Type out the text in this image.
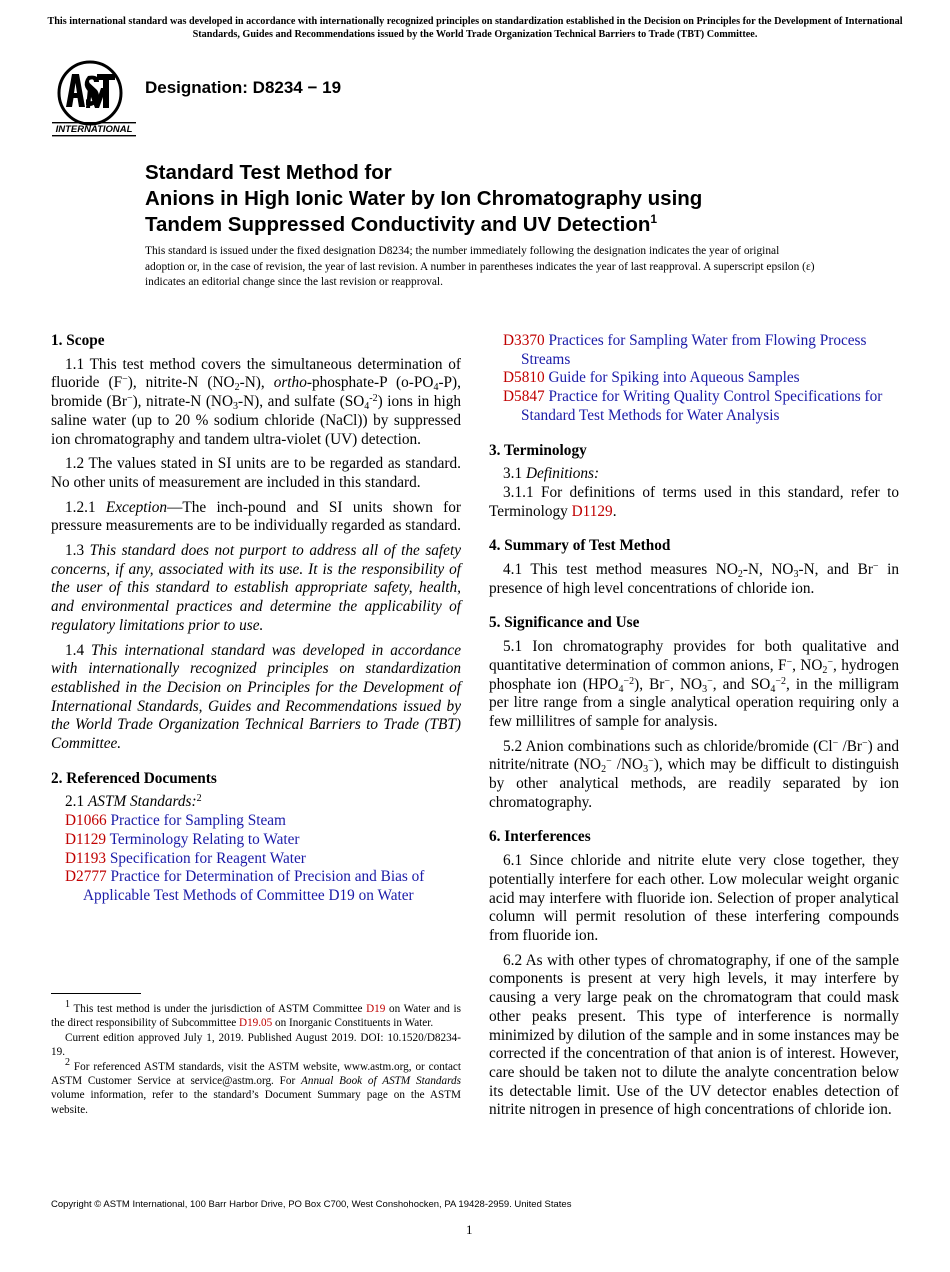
This international standard was developed in accordance with internationally recognized principles on standardization established in the Decision on Principles for the Development of International Standards, Guides and Recommendations issued by the World Trade Organization Technical Barriers to Trade (TBT) Committee.
INTERNATIONAL
Designation: D8234 − 19
Standard Test Method for
Anions in High Ionic Water by Ion Chromatography using
Tandem Suppressed Conductivity and UV Detection$^1$
This standard is issued under the fixed designation D8234; the number immediately following the designation indicates the year of original adoption or, in the case of revision, the year of last revision. A number in parentheses indicates the year of last reapproval. A superscript epsilon (ε) indicates an editorial change since the last revision or reapproval.
1. Scope

1.1 This test method covers the simultaneous determination of fluoride (F−), nitrite-N $(NO_2-N)$, ortho-phosphate-P $(o-PO_4-P)$, bromide (Br−), nitrate-N $(NO_3-N)$, and sulfate $(SO_4^{-2})$ ions in high saline water (up to 20 % sodium chloride (NaCl)) by suppressed ion chromatography and tandem ultra-violet (UV) detection.

1.2 The values stated in SI units are to be regarded as standard. No other units of measurement are included in this standard.

1.2.1 Exception—The inch-pound and SI units shown for pressure measurements are to be individually regarded as standard.

1.3 This standard does not purport to address all of the safety concerns, if any, associated with its use. It is the responsibility of the user of this standard to establish appropriate safety, health, and environmental practices and determine the applicability of regulatory limitations prior to use.

1.4 This international standard was developed in accordance with internationally recognized principles on standardization established in the Decision on Principles for the Development of International Standards, Guides and Recommendations issued by the World Trade Organization Technical Barriers to Trade (TBT) Committee.

2. Referenced Documents

2.1 ASTM Standards:$^2$

D1066 Practice for Sampling Steam
D1129 Terminology Relating to Water
D1193 Specification for Reagent Water
D2777 Practice for Determination of Precision and Bias of Applicable Test Methods of Committee D19 on Water

$^1$ This test method is under the jurisdiction of ASTM Committee D19 on Water and is the direct responsibility of Subcommittee D19.05 on Inorganic Constituents in Water.

Current edition approved July 1, 2019. Published August 2019. DOI: 10.1520/D8234-19.

$^2$ For referenced ASTM standards, visit the ASTM website, www.astm.org, or contact ASTM Customer Service at service@astm.org. For Annual Book of ASTM Standards volume information, refer to the standard’s Document Summary page on the ASTM website.

D3370 Practices for Sampling Water from Flowing Process Streams
D5810 Guide for Spiking into Aqueous Samples
D5847 Practice for Writing Quality Control Specifications for Standard Test Methods for Water Analysis
3. Terminology

3.1 Definitions:

3.1.1 For definitions of terms used in this standard, refer to Terminology D1129.

4. Summary of Test Method

4.1 This test method measures $NO_2-N$, $NO_3-N$, and Br− in presence of high level concentrations of chloride ion.

5. Significance and Use

5.1 Ion chromatography provides for both qualitative and quantitative determination of common anions, F−, $NO_2^-$, hydrogen phosphate ion $(HPO_4^{-2})$, Br−, $NO_3^-$, and $SO_4^{-2}$, in the milligram per litre range from a single analytical operation requiring only a few millilitres of sample for analysis.

5.2 Anion combinations such as chloride/bromide (Cl− /Br−) and nitrite/nitrate ($NO_2^-$ $/NO_3^-$), which may be difficult to distinguish by other analytical methods, are readily separated by ion chromatography.

6. Interferences

6.1 Since chloride and nitrite elute very close together, they potentially interfere for each other. Low molecular weight organic acid may interfere with fluoride ion. Selection of proper analytical column will permit resolution of these interfering compounds from fluoride ion.

6.2 As with other types of chromatography, if one of the sample components is present at very high levels, it may interfere by causing a very large peak on the chromatogram that could mask other peaks present. This type of interference is normally minimized by dilution of the sample and in some instances may be corrected if the concentration of that anion is of interest. However, care should be taken not to dilute the analyte concentration below its detectable limit. Use of the UV detector enables detection of nitrite nitrogen in presence of high concentrations of chloride ion.

Copyright © ASTM International, 100 Barr Harbor Drive, PO Box C700, West Conshohocken, PA 19428-2959. United States
1
